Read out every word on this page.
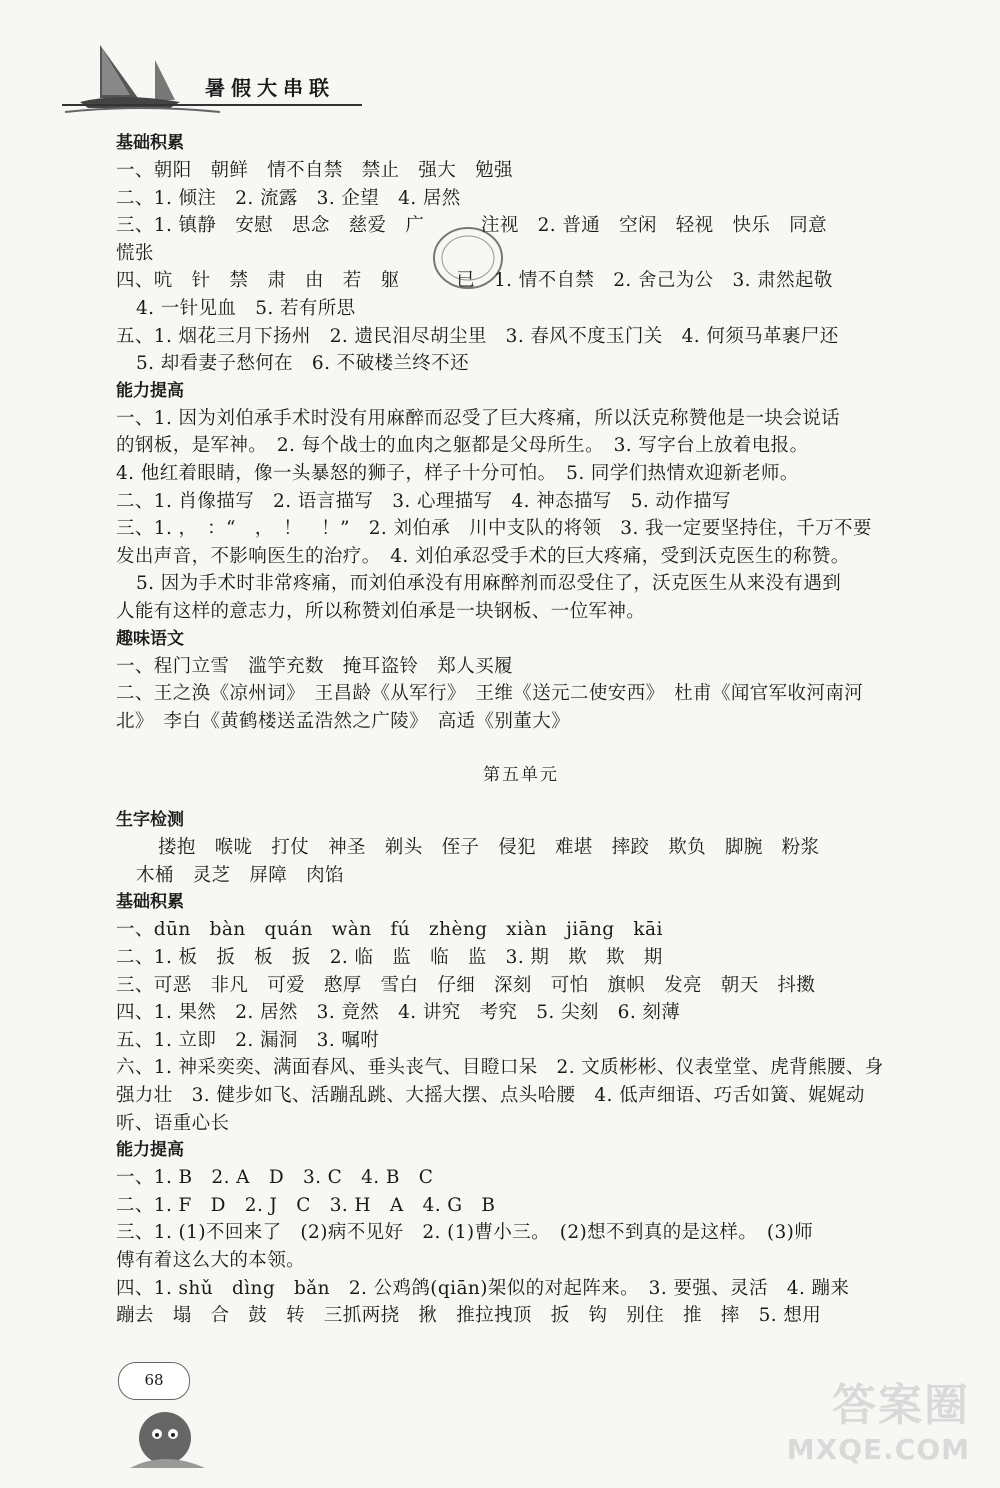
暑假大串联
基础积累
一、朝阳　朝鲜　情不自禁　禁止　强大　勉强
二、1. 倾注　2. 流露　3. 企望　4. 居然
三、1. 镇静　安慰　思念　慈爱　广　　　注视　2. 普通　空闲　轻视　快乐　同意
慌张
四、吭　针　禁　肃　由　若　躯　　　已　1. 情不自禁　2. 舍己为公　3. 肃然起敬
4. 一针见血　5. 若有所思
五、1. 烟花三月下扬州　2. 遗民泪尽胡尘里　3. 春风不度玉门关　4. 何须马革裹尸还
5. 却看妻子愁何在　6. 不破楼兰终不还
能力提高
一、1. 因为刘伯承手术时没有用麻醉而忍受了巨大疼痛，所以沃克称赞他是一块会说话
的钢板，是军神。　2. 每个战士的血肉之躯都是父母所生。　3. 写字台上放着电报。
4. 他红着眼睛，像一头暴怒的狮子，样子十分可怕。　5. 同学们热情欢迎新老师。
二、1. 肖像描写　2. 语言描写　3. 心理描写　4. 神态描写　5. 动作描写
三、1. ，　：“　，　！　！”　2. 刘伯承　川中支队的将领　3. 我一定要坚持住，千万不要
发出声音，不影响医生的治疗。　4. 刘伯承忍受手术的巨大疼痛，受到沃克医生的称赞。
5. 因为手术时非常疼痛，而刘伯承没有用麻醉剂而忍受住了，沃克医生从来没有遇到
人能有这样的意志力，所以称赞刘伯承是一块钢板、一位军神。
趣味语文
一、程门立雪　滥竽充数　掩耳盗铃　郑人买履
二、王之涣《凉州词》　王昌龄《从军行》　王维《送元二使安西》　杜甫《闻官军收河南河
北》　李白《黄鹤楼送孟浩然之广陵》　高适《别董大》
第五单元
生字检测
搂抱　喉咙　打仗　神圣　剃头　侄子　侵犯　难堪　摔跤　欺负　脚腕　粉浆
木桶　灵芝　屏障　肉馅
基础积累
一、dūn　bàn　quán　wàn　fú　zhèng　xiàn　jiāng　kāi
二、1. 板　扳　板　扳　2. 临　监　临　监　3. 期　欺　欺　期
三、可恶　非凡　可爱　憨厚　雪白　仔细　深刻　可怕　旗帜　发亮　朝天　抖擞
四、1. 果然　2. 居然　3. 竟然　4. 讲究　考究　5. 尖刻　6. 刻薄
五、1. 立即　2. 漏洞　3. 嘱咐
六、1. 神采奕奕、满面春风、垂头丧气、目瞪口呆　2. 文质彬彬、仪表堂堂、虎背熊腰、身
强力壮　3. 健步如飞、活蹦乱跳、大摇大摆、点头哈腰　4. 低声细语、巧舌如簧、娓娓动
听、语重心长
能力提高
一、1. B　2. A　D　3. C　4. B　C
二、1. F　D　2. J　C　3. H　A　4. G　B
三、1. (1)不回来了　(2)病不见好　2. (1)曹小三。　(2)想不到真的是这样。　(3)师
傅有着这么大的本领。
四、1. shǔ　dìng　bǎn　2. 公鸡鸽(qiān)架似的对起阵来。　3. 要强、灵活　4. 蹦来
蹦去　塌　合　鼓　转　三抓两挠　揪　推拉拽顶　扳　钩　别住　推　摔　5. 想用
68	答案圈
MXQE.COM
